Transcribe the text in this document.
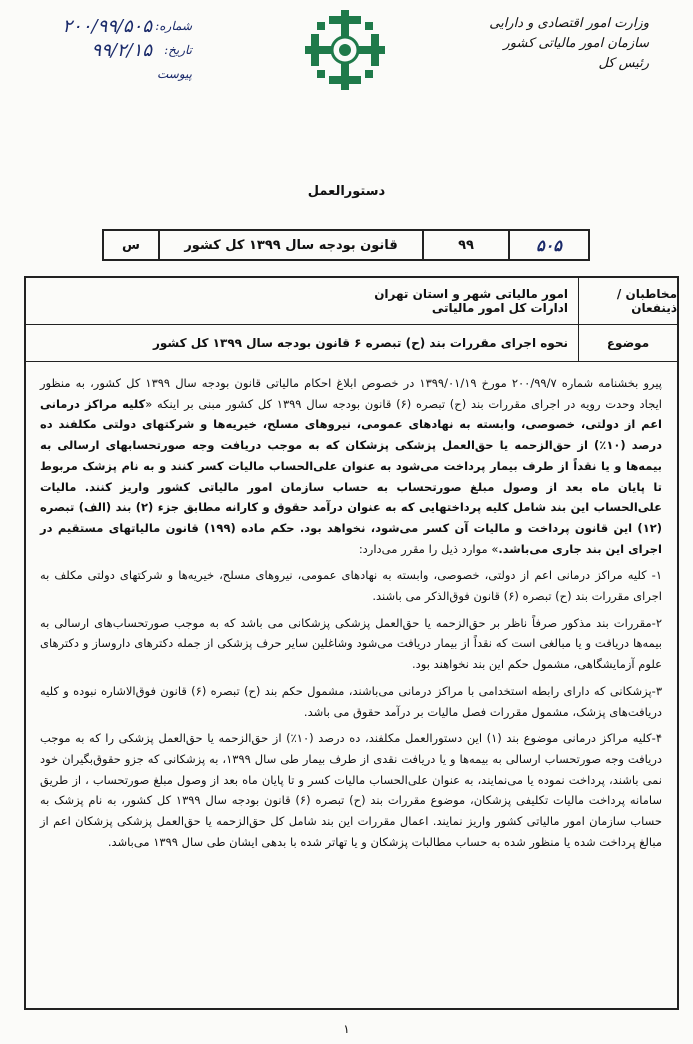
وزارت امور اقتصادی و دارایی
سازمان امور مالیاتی کشور
رئیس کل
شماره:
۲۰۰/۹۹/۵۰۵
تاریخ:
۹۹/۲/۱۵
پیوست
دستورالعمل
۵۰۵
۹۹
قانون بودجه سال ۱۳۹۹ کل کشور
س
مخاطبان / ذینفعان
امور مالیاتی شهر و استان تهران
ادارات کل امور مالیاتی
موضوع
نحوه اجرای مقررات بند (ح) تبصره ۶ قانون بودجه سال ۱۳۹۹ کل کشور

پیرو بخشنامه شماره ۲۰۰/۹۹/۷ مورخ ۱۳۹۹/۰۱/۱۹ در خصوص ابلاغ احکام مالیاتی قانون بودجه سال ۱۳۹۹ کل کشور، به منظور ایجاد وحدت رویه در اجرای مقررات بند (ح) تبصره (۶) قانون بودجه سال ۱۳۹۹ کل کشور مبنی بر اینکه «کلیه مراکز درمانی اعم از دولتی، خصوصی، وابسته به نهادهای عمومی، نیروهای مسلح، خیریه‌ها و شرکتهای دولتی مکلفند ده درصد (۱۰٪) از حق‌الزحمه یا حق‌العمل پزشکی پزشکان که به موجب دریافت وجه صورتحسابهای ارسالی به بیمه‌ها و یا نقداً از طرف بیمار پرداخت می‌شود به عنوان علی‌الحساب مالیات کسر کنند و به نام پزشک مربوط تا پایان ماه بعد از وصول مبلغ صورتحساب به حساب سازمان امور مالیاتی کشور واریز کنند. مالیات علی‌الحساب این بند شامل کلیه پرداختهایی که به عنوان درآمد حقوق و کارانه مطابق جزء (۲) بند (الف) تبصره (۱۲) این قانون پرداخت و مالیات آن کسر می‌شود، نخواهد بود. حکم ماده (۱۹۹) قانون مالیاتهای مستقیم در اجرای این بند جاری می‌باشد.» موارد ذیل را مقرر می‌دارد:

۱- کلیه مراکز درمانی اعم از دولتی، خصوصی، وابسته به نهادهای عمومی، نیروهای مسلح، خیریه‌ها و شرکتهای دولتی مکلف به اجرای مقررات بند (ح) تبصره (۶) قانون فوق‌الذکر می باشند.

۲-مقررات بند مذکور صرفاً ناظر بر حق‌الزحمه یا حق‌العمل پزشکی پزشکانی می باشد که به موجب صورتحساب‌های ارسالی به بیمه‌ها دریافت و یا مبالغی است که نقداً از بیمار دریافت می‌شود وشاغلین سایر حرف پزشکی از جمله دکترهای داروساز و دکترهای علوم آزمایشگاهی، مشمول حکم این بند نخواهند بود.

۳-پزشکانی که دارای رابطه استخدامی با مراکز درمانی می‌باشند، مشمول حکم بند (ح) تبصره (۶) قانون فوق‌الاشاره نبوده و کلیه دریافت‌های پزشک، مشمول مقررات فصل مالیات بر درآمد حقوق می باشد.

۴-کلیه مراکز درمانی موضوع بند (۱) این دستورالعمل مکلفند، ده درصد (۱۰٪) از حق‌الزحمه یا حق‌العمل پزشکی را که به موجب دریافت وجه صورتحساب ارسالی به بیمه‌ها و یا دریافت نقدی از طرف بیمار طی سال ۱۳۹۹، به پزشکانی که جزو حقوق‌بگیران خود نمی باشند، پرداخت نموده یا می‌نمایند، به عنوان علی‌الحساب مالیات کسر و تا پایان ماه بعد از وصول مبلغ صورتحساب ، از طریق سامانه پرداخت مالیات تکلیفی پزشکان، موضوع مقررات بند (ح) تبصره (۶) قانون بودجه سال ۱۳۹۹ کل کشور، به نام پزشک به حساب سازمان امور مالیاتی کشور واریز نمایند. اعمال مقررات این بند شامل کل حق‌الزحمه یا حق‌العمل پزشکی پزشکان اعم از مبالغ پرداخت شده یا منظور شده به حساب مطالبات پزشکان و یا تهاتر شده با بدهی ایشان طی سال ۱۳۹۹ می‌باشد.

۱
